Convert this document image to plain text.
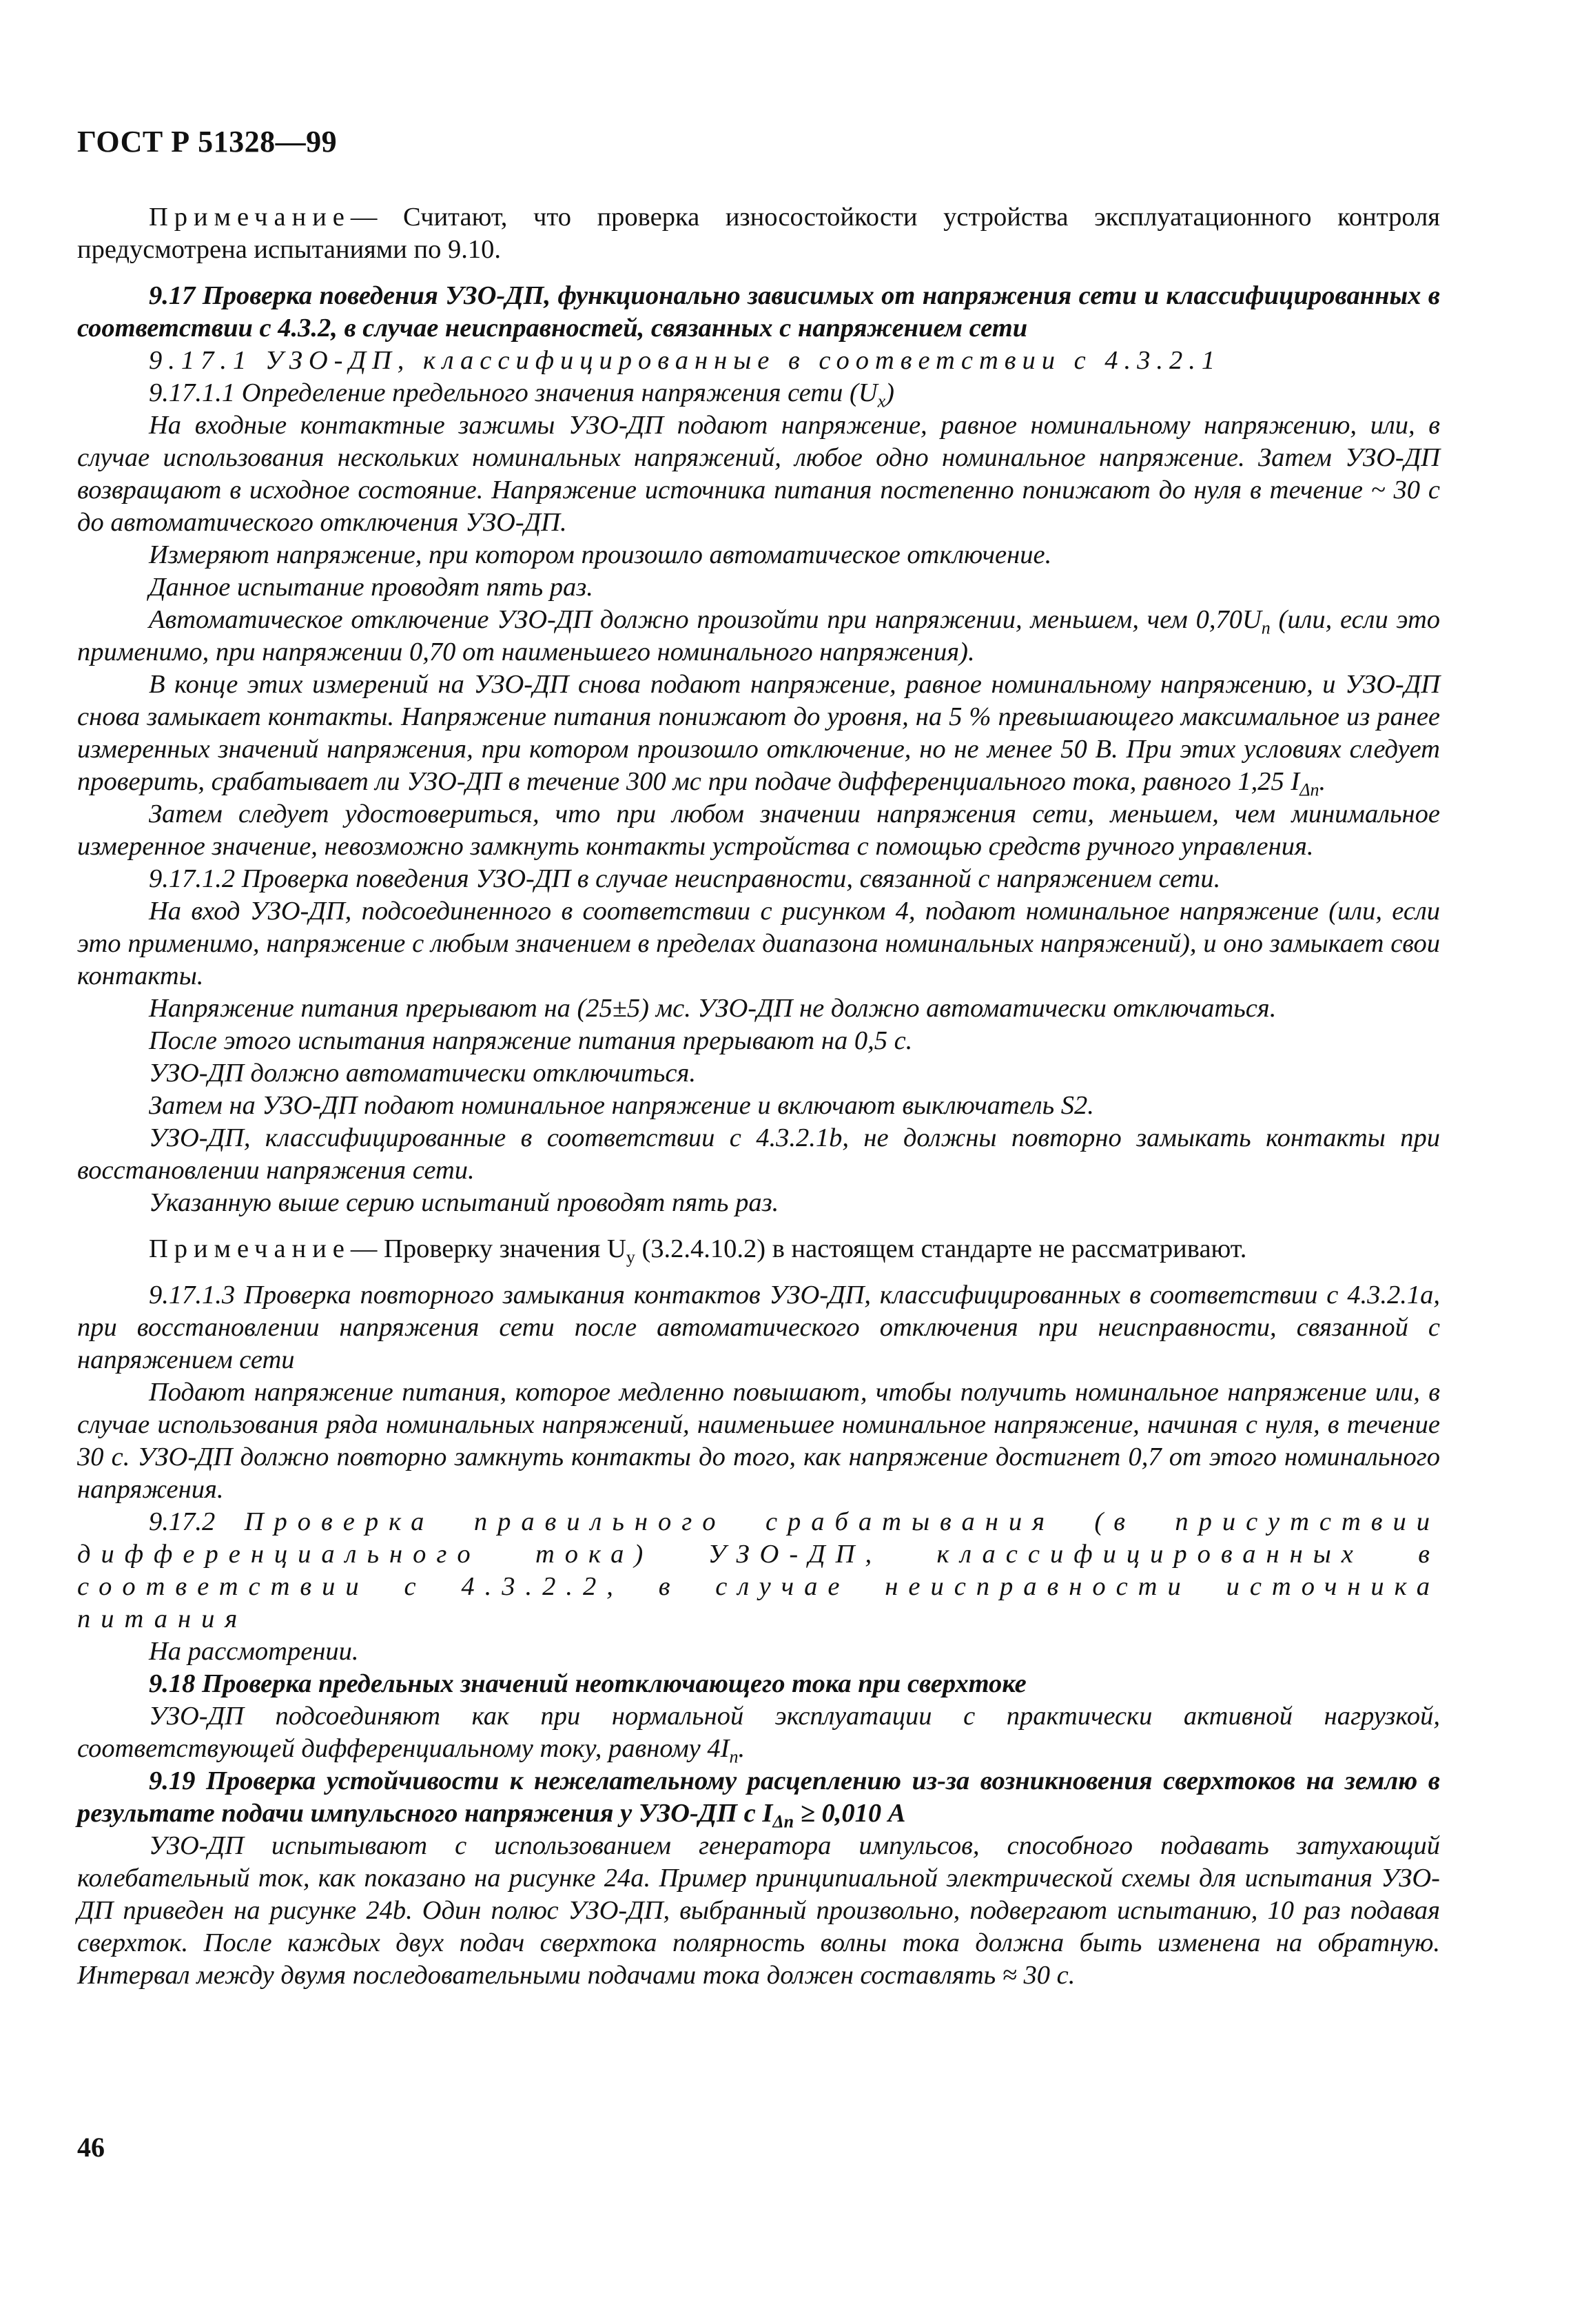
ГОСТ Р 51328—99

Примечание— Считают, что проверка износостойкости устройства эксплуатационного контроля предусмотрена испытаниями по 9.10.

9.17 Проверка поведения УЗО-ДП, функционально зависимых от напряжения сети и классифицированных в соответствии с 4.3.2, в случае неисправностей, связанных с напряжением сети

9.17.1 УЗО-ДП, классифицированные в соответствии с 4.3.2.1

9.17.1.1 Определение предельного значения напряжения сети $(U_x)$

На входные контактные зажимы УЗО-ДП подают напряжение, равное номинальному напряжению, или, в случае использования нескольких номинальных напряжений, любое одно номинальное напряжение. Затем УЗО-ДП возвращают в исходное состояние. Напряжение источника питания постепенно понижают до нуля в течение ~ 30 с до автоматического отключения УЗО-ДП.

Измеряют напряжение, при котором произошло автоматическое отключение.

Данное испытание проводят пять раз.

Автоматическое отключение УЗО-ДП должно произойти при напряжении, меньшем, чем $0,70U_n$ (или, если это применимо, при напряжении 0,70 от наименьшего номинального напряжения).

В конце этих измерений на УЗО-ДП снова подают напряжение, равное номинальному напряжению, и УЗО-ДП снова замыкает контакты. Напряжение питания понижают до уровня, на 5 % превышающего максимальное из ранее измеренных значений напряжения, при котором произошло отключение, но не менее 50 В. При этих условиях следует проверить, срабатывает ли УЗО-ДП в течение 300 мс при подаче дифференциального тока, равного 1,25 $I_{\Delta n}$.

Затем следует удостовериться, что при любом значении напряжения сети, меньшем, чем минимальное измеренное значение, невозможно замкнуть контакты устройства с помощью средств ручного управления.

9.17.1.2 Проверка поведения УЗО-ДП в случае неисправности, связанной с напряжением сети.

На вход УЗО-ДП, подсоединенного в соответствии с рисунком 4, подают номинальное напряжение (или, если это применимо, напряжение с любым значением в пределах диапазона номинальных напряжений), и оно замыкает свои контакты.

Напряжение питания прерывают на (25±5) мс. УЗО-ДП не должно автоматически отключаться.

После этого испытания напряжение питания прерывают на 0,5 с.

УЗО-ДП должно автоматически отключиться.

Затем на УЗО-ДП подают номинальное напряжение и включают выключатель S2.

УЗО-ДП, классифицированные в соответствии с 4.3.2.1b, не должны повторно замыкать контакты при восстановлении напряжения сети.

Указанную выше серию испытаний проводят пять раз.

Примечание— Проверку значения $U_y$ (3.2.4.10.2) в настоящем стандарте не рассматривают.

9.17.1.3 Проверка повторного замыкания контактов УЗО-ДП, классифицированных в соответствии с 4.3.2.1a, при восстановлении напряжения сети после автоматического отключения при неисправности, связанной с напряжением сети

Подают напряжение питания, которое медленно повышают, чтобы получить номинальное напряжение или, в случае использования ряда номинальных напряжений, наименьшее номинальное напряжение, начиная с нуля, в течение 30 с. УЗО-ДП должно повторно замкнуть контакты до того, как напряжение достигнет 0,7 от этого номинального напряжения.

9.17.2 Проверка правильного срабатывания (в присутствии дифференциального тока) УЗО-ДП, классифицированных в соответствии с 4.3.2.2, в случае неисправности источника питания

На рассмотрении.

9.18 Проверка предельных значений неотключающего тока при сверхтоке

УЗО-ДП подсоединяют как при нормальной эксплуатации с практически активной нагрузкой, соответствующей дифференциальному току, равному $4I_n$.

9.19 Проверка устойчивости к нежелательному расцеплению из-за возникновения сверхтоков на землю в результате подачи импульсного напряжения у УЗО-ДП с $I_{\Delta n} \ge 0,010$ А

УЗО-ДП испытывают с использованием генератора импульсов, способного подавать затухающий колебательный ток, как показано на рисунке 24a. Пример принципиальной электрической схемы для испытания УЗО-ДП приведен на рисунке 24b. Один полюс УЗО-ДП, выбранный произвольно, подвергают испытанию, 10 раз подавая сверхток. После каждых двух подач сверхтока полярность волны тока должна быть изменена на обратную. Интервал между двумя последовательными подачами тока должен составлять ≈ 30 с.

46
